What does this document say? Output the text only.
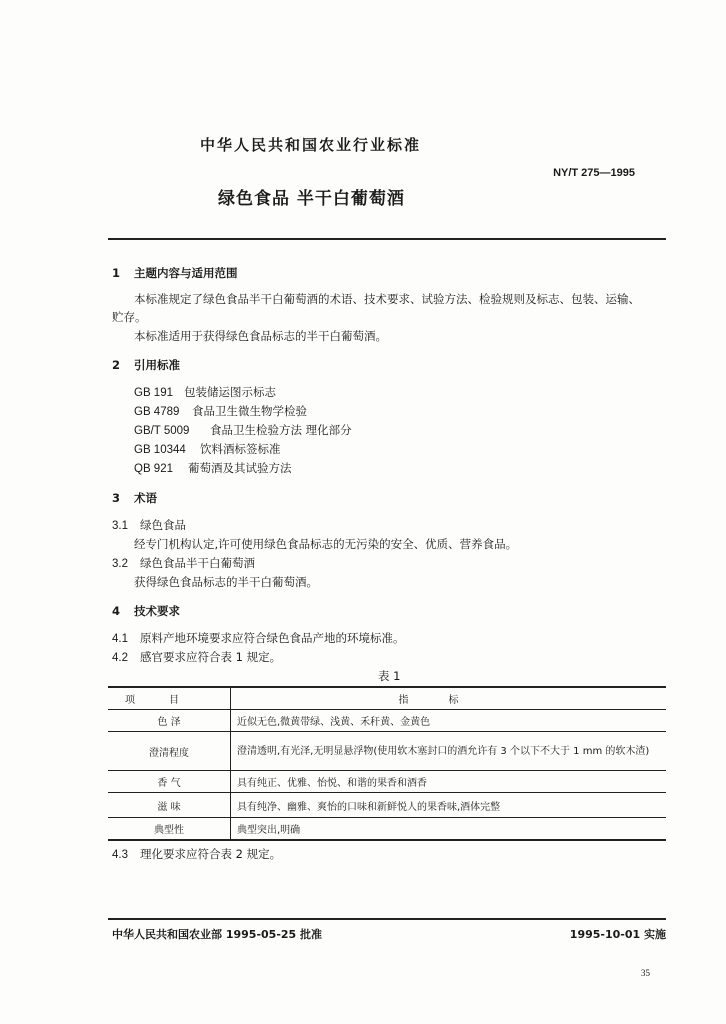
中华人民共和国农业行业标准
NY/T 275—1995
绿色食品 半干白葡萄酒
1 主题内容与适用范围
本标准规定了绿色食品半干白葡萄酒的术语、技术要求、试验方法、检验规则及标志、包装、运输、
贮存。
本标准适用于获得绿色食品标志的半干白葡萄酒。
2 引用标准
GB 191 包装储运图示标志
GB 4789 食品卫生微生物学检验
GB/T 5009 食品卫生检验方法 理化部分
GB 10344 饮料酒标签标准
QB 921 葡萄酒及其试验方法
3 术语
3.1 绿色食品
经专门机构认定,许可使用绿色食品标志的无污染的安全、优质、营养食品。
3.2 绿色食品半干白葡萄酒
获得绿色食品标志的半干白葡萄酒。
4 技术要求
4.1 原料产地环境要求应符合绿色食品产地的环境标准。
4.2 感官要求应符合表 1 规定。
表 1
项目	指标
色 泽	近似无色,微黄带绿、浅黄、禾秆黄、金黄色
澄清程度	澄清透明,有光泽,无明显悬浮物(使用软木塞封口的酒允许有 3 个以下不大于 1 mm 的软木渣)
香 气	具有纯正、优雅、怡悦、和谐的果香和酒香
滋 味	具有纯净、幽雅、爽怡的口味和新鲜悦人的果香味,酒体完整
典型性	典型突出,明确
4.3 理化要求应符合表 2 规定。
中华人民共和国农业部 1995-05-25 批准	1995-10-01 实施
35
